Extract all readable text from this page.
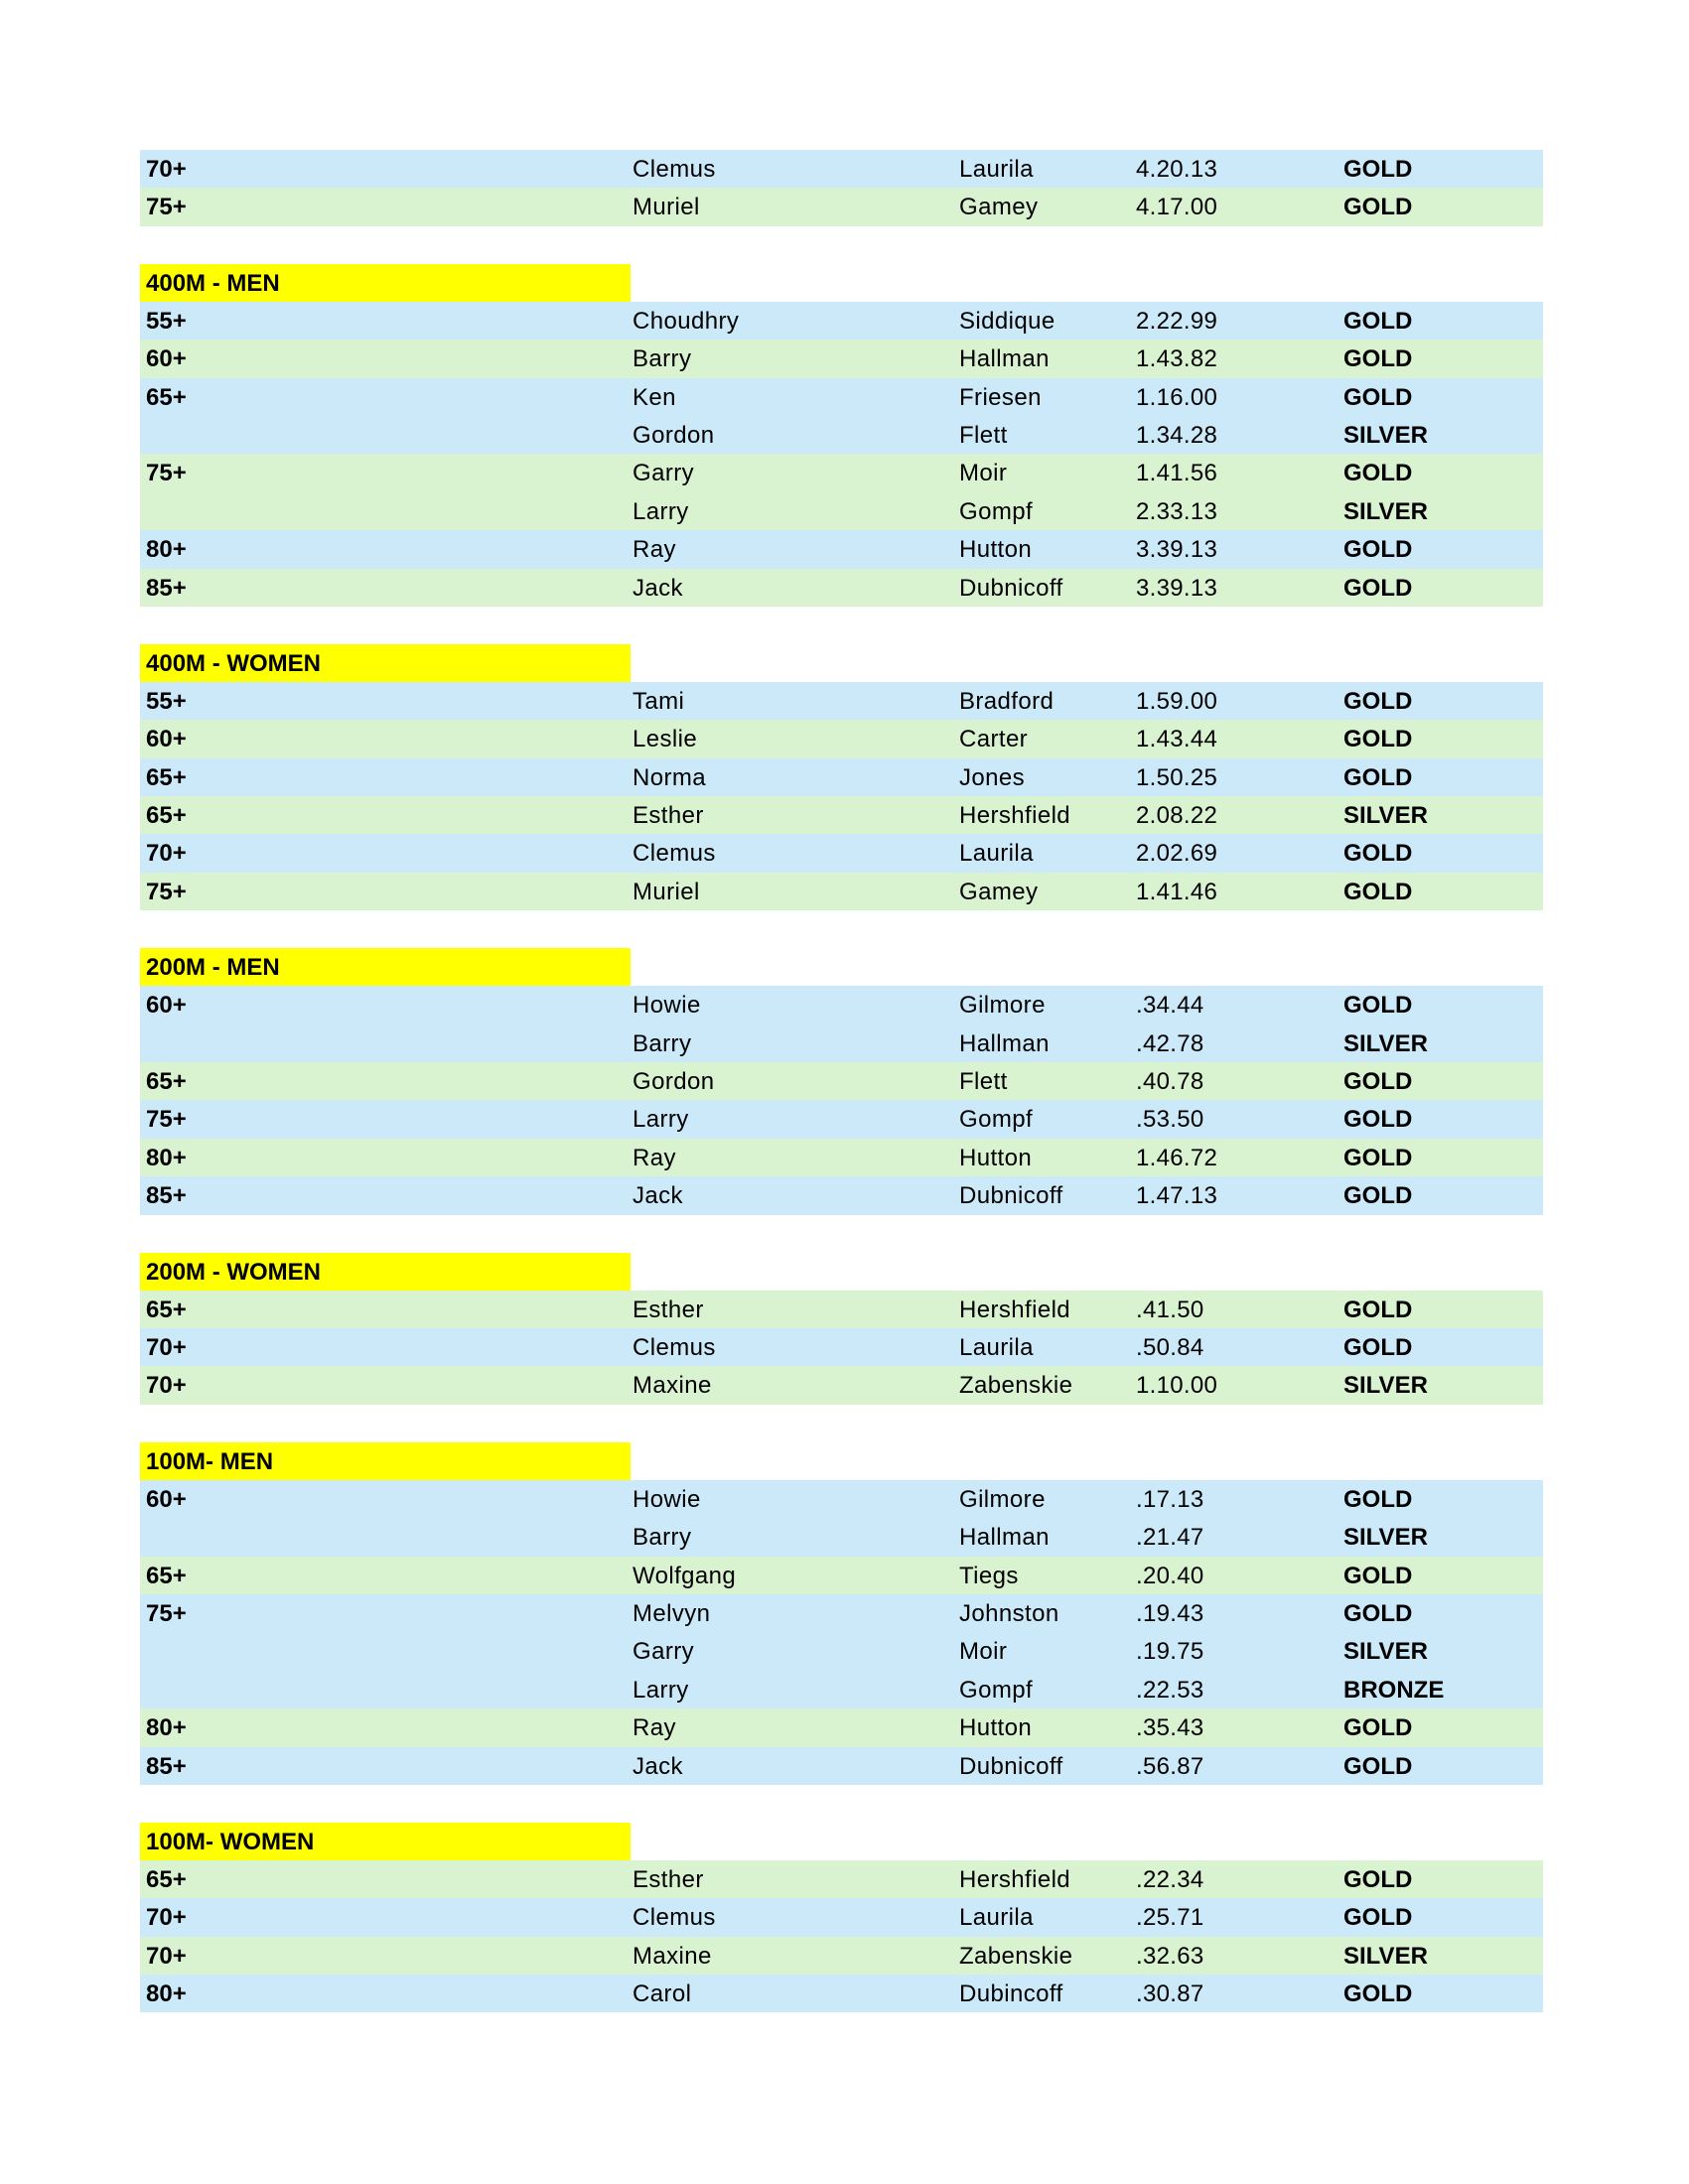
70+	Clemus	Laurila	4.20.13	GOLD
75+	Muriel	Gamey	4.17.00	GOLD
400M - MEN
55+	Choudhry	Siddique	2.22.99	GOLD
60+	Barry	Hallman	1.43.82	GOLD
65+	Ken	Friesen	1.16.00	GOLD
Gordon	Flett	1.34.28	SILVER
75+	Garry	Moir	1.41.56	GOLD
Larry	Gompf	2.33.13	SILVER
80+	Ray	Hutton	3.39.13	GOLD
85+	Jack	Dubnicoff	3.39.13	GOLD
400M - WOMEN
55+	Tami	Bradford	1.59.00	GOLD
60+	Leslie	Carter	1.43.44	GOLD
65+	Norma	Jones	1.50.25	GOLD
65+	Esther	Hershfield	2.08.22	SILVER
70+	Clemus	Laurila	2.02.69	GOLD
75+	Muriel	Gamey	1.41.46	GOLD
200M - MEN
60+	Howie	Gilmore	.34.44	GOLD
Barry	Hallman	.42.78	SILVER
65+	Gordon	Flett	.40.78	GOLD
75+	Larry	Gompf	.53.50	GOLD
80+	Ray	Hutton	1.46.72	GOLD
85+	Jack	Dubnicoff	1.47.13	GOLD
200M - WOMEN
65+	Esther	Hershfield	.41.50	GOLD
70+	Clemus	Laurila	.50.84	GOLD
70+	Maxine	Zabenskie	1.10.00	SILVER
100M- MEN
60+	Howie	Gilmore	.17.13	GOLD
Barry	Hallman	.21.47	SILVER
65+	Wolfgang	Tiegs	.20.40	GOLD
75+	Melvyn	Johnston	.19.43	GOLD
Garry	Moir	.19.75	SILVER
Larry	Gompf	.22.53	BRONZE
80+	Ray	Hutton	.35.43	GOLD
85+	Jack	Dubnicoff	.56.87	GOLD
100M- WOMEN
65+	Esther	Hershfield	.22.34	GOLD
70+	Clemus	Laurila	.25.71	GOLD
70+	Maxine	Zabenskie	.32.63	SILVER
80+	Carol	Dubincoff	.30.87	GOLD
